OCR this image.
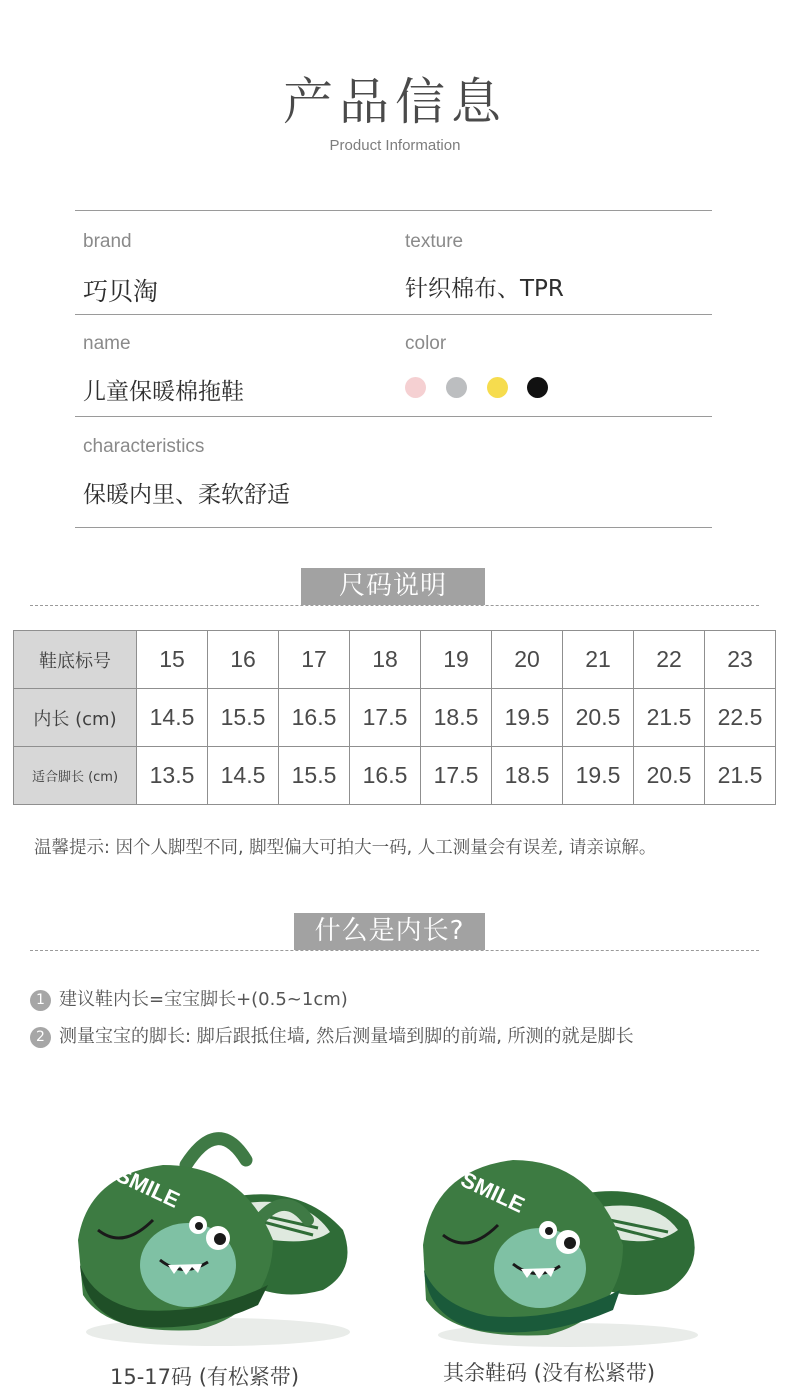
产品信息
Product Information
brand
巧贝淘
texture
针织棉布、TPR
name
儿童保暖棉拖鞋
color
characteristics
保暖内里、柔软舒适
尺码说明
鞋底标号	15	16	17	18	19	20	21	22	23
内长 (cm)	14.5	15.5	16.5	17.5	18.5	19.5	20.5	21.5	22.5
适合脚长 (cm)	13.5	14.5	15.5	16.5	17.5	18.5	19.5	20.5	21.5
温馨提示: 因个人脚型不同, 脚型偏大可拍大一码, 人工测量会有误差, 请亲谅解。
什么是内长?
1 建议鞋内长=宝宝脚长+(0.5~1cm)
2 测量宝宝的脚长: 脚后跟抵住墙, 然后测量墙到脚的前端, 所测的就是脚长
SMILE	SMILE
15-17码 (有松紧带)	其余鞋码 (没有松紧带)
